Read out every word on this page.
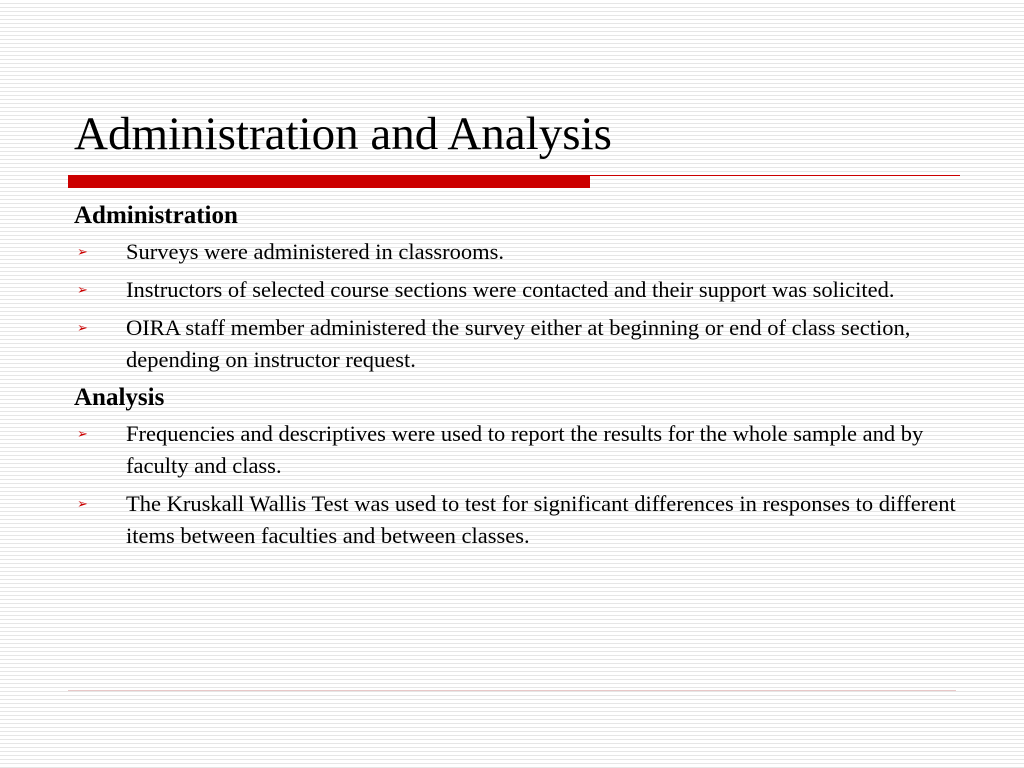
Administration and Analysis
Administration
➢ Surveys were administered in classrooms.
➢ Instructors of selected course sections were contacted and their support was solicited.
➢ OIRA staff member administered the survey either at beginning or end of class section, depending on instructor request.
Analysis
➢ Frequencies and descriptives were used to report the results for the whole sample and by faculty and class.
➢ The Kruskall Wallis Test was used to test for significant differences in responses to different items between faculties and between classes.
